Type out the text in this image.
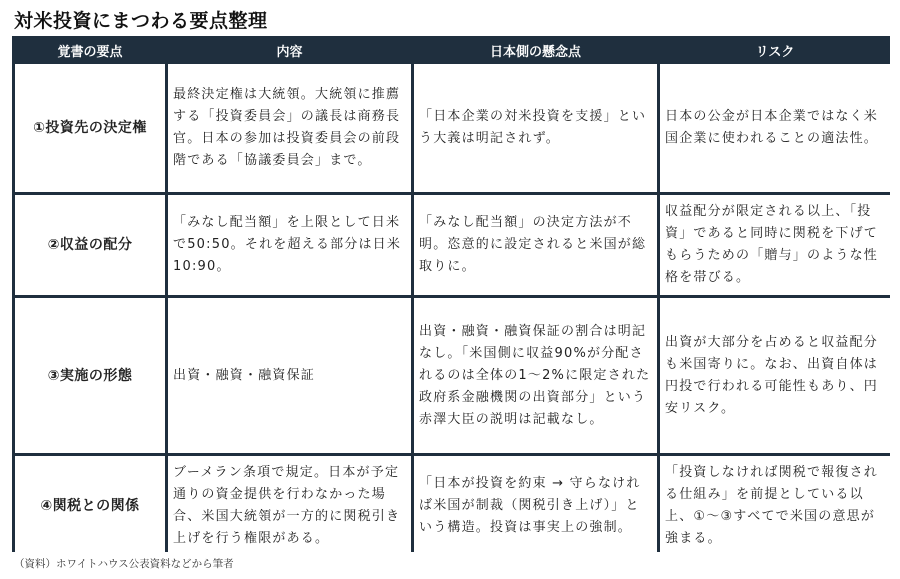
対米投資にまつわる要点整理
覚書の要点	内容	日本側の懸念点	リスク
①投資先の決定権	最終決定権は大統領。大統領に推薦する「投資委員会」の議長は商務長官。日本の参加は投資委員会の前段階である「協議委員会」まで。	「日本企業の対米投資を支援」という大義は明記されず。	日本の公金が日本企業ではなく米国企業に使われることの適法性。
②収益の配分	「みなし配当額」を上限として日米で50:50。それを超える部分は日米10:90。	「みなし配当額」の決定方法が不明。恣意的に設定されると米国が総取りに。	収益配分が限定される以上、「投資」であると同時に関税を下げてもらうための「贈与」のような性格を帯びる。
③実施の形態	出資・融資・融資保証	出資・融資・融資保証の割合は明記なし。「米国側に収益90%が分配されるのは全体の1〜2%に限定された政府系金融機関の出資部分」という赤澤大臣の説明は記載なし。	出資が大部分を占めると収益配分も米国寄りに。なお、出資自体は円投で行われる可能性もあり、円安リスク。
④関税との関係	ブーメラン条項で規定。日本が予定通りの資金提供を行わなかった場合、米国大統領が一方的に関税引き上げを行う権限がある。	「日本が投資を約束 → 守らなければ米国が制裁（関税引き上げ）」という構造。投資は事実上の強制。	「投資しなければ関税で報復される仕組み」を前提としている以上、①〜③すべてで米国の意思が強まる。
（資料）ホワイトハウス公表資料などから筆者
